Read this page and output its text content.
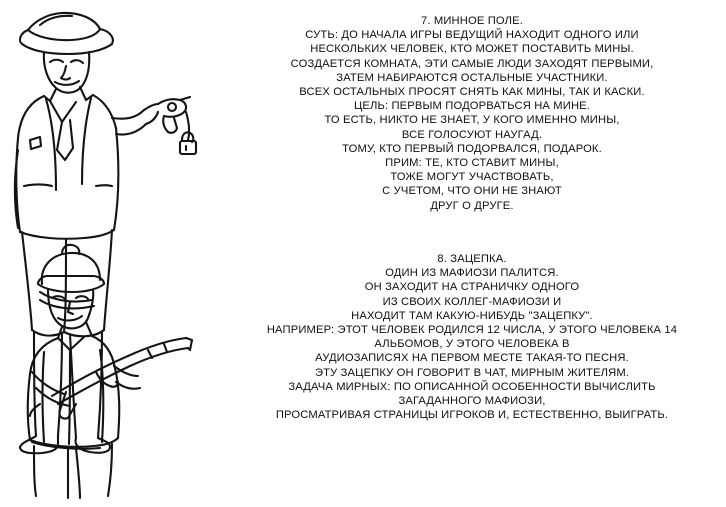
7. МИННОЕ ПОЛЕ.
СУТЬ: ДО НАЧАЛА ИГРЫ ВЕДУЩИЙ НАХОДИТ ОДНОГО ИЛИ
НЕСКОЛЬКИХ ЧЕЛОВЕК, КТО МОЖЕТ ПОСТАВИТЬ МИНЫ.
СОЗДАЕТСЯ КОМНАТА, ЭТИ САМЫЕ ЛЮДИ ЗАХОДЯТ ПЕРВЫМИ,
ЗАТЕМ НАБИРАЮТСЯ ОСТАЛЬНЫЕ УЧАСТНИКИ.
ВСЕХ ОСТАЛЬНЫХ ПРОСЯТ СНЯТЬ КАК МИНЫ, ТАК И КАСКИ.
ЦЕЛЬ: ПЕРВЫМ ПОДОРВАТЬСЯ НА МИНЕ.
ТО ЕСТЬ, НИКТО НЕ ЗНАЕТ, У КОГО ИМЕННО МИНЫ,
ВСЕ ГОЛОСУЮТ НАУГАД.
ТОМУ, КТО ПЕРВЫЙ ПОДОРВАЛСЯ, ПОДАРОК.
ПРИМ: ТЕ, КТО СТАВИТ МИНЫ,
ТОЖЕ МОГУТ УЧАСТВОВАТЬ,
С УЧЕТОМ, ЧТО ОНИ НЕ ЗНАЮТ
ДРУГ О ДРУГЕ.
8. ЗАЦЕПКА.
ОДИН ИЗ МАФИОЗИ ПАЛИТСЯ.
ОН ЗАХОДИТ НА СТРАНИЧКУ ОДНОГО
ИЗ СВОИХ КОЛЛЕГ-МАФИОЗИ И
НАХОДИТ ТАМ КАКУЮ-НИБУДЬ "ЗАЦЕПКУ".
НАПРИМЕР: ЭТОТ ЧЕЛОВЕК РОДИЛСЯ 12 ЧИСЛА, У ЭТОГО ЧЕЛОВЕКА 14
АЛЬБОМОВ, У ЭТОГО ЧЕЛОВЕКА В
АУДИОЗАПИСЯХ НА ПЕРВОМ МЕСТЕ ТАКАЯ-ТО ПЕСНЯ.
ЭТУ ЗАЦЕПКУ ОН ГОВОРИТ В ЧАТ, МИРНЫМ ЖИТЕЛЯМ.
ЗАДАЧА МИРНЫХ: ПО ОПИСАННОЙ ОСОБЕННОСТИ ВЫЧИСЛИТЬ
ЗАГАДАННОГО МАФИОЗИ,
ПРОСМАТРИВАЯ СТРАНИЦЫ ИГРОКОВ И, ЕСТЕСТВЕННО, ВЫИГРАТЬ.
